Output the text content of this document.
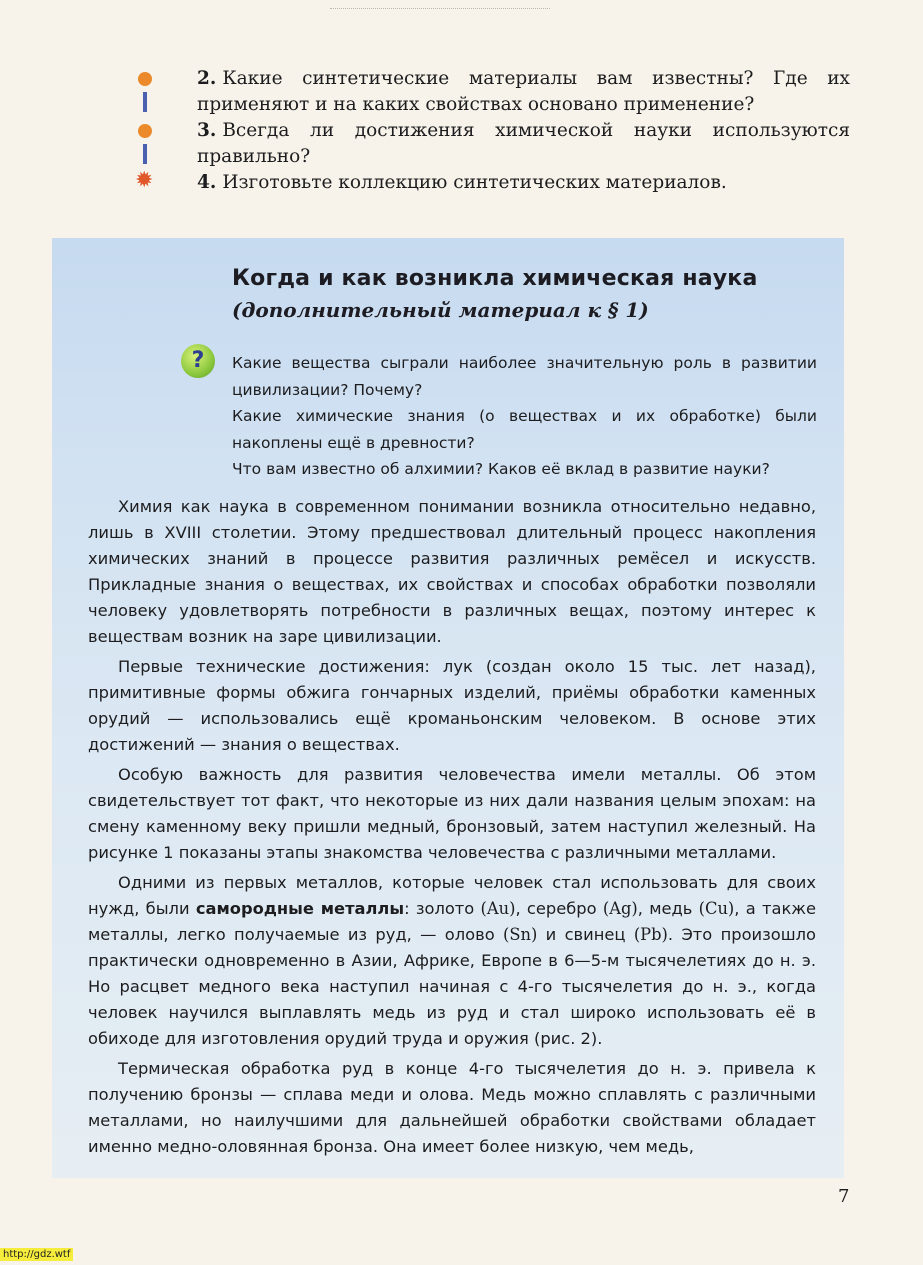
2. Какие синтетические материалы вам известны? Где их применяют и на каких свойствах основано применение?
3. Всегда ли достижения химической науки используются правильно?
✹ 4. Изготовьте коллекцию синтетических материалов.
Когда и как возникла химическая наука
(дополнительный материал к § 1)
?	Какие вещества сыграли наиболее значительную роль в развитии цивилизации? Почему?
Какие химические знания (о веществах и их обработке) были накоплены ещё в древности?
Что вам известно об алхимии? Каков её вклад в развитие науки?

Химия как наука в современном понимании возникла относительно недавно, лишь в XVIII столетии. Этому предшествовал длительный процесс накопления химических знаний в процессе развития различных ремёсел и искусств. Прикладные знания о веществах, их свойствах и способах обработки позволяли человеку удовлетворять потребности в различных вещах, поэтому интерес к веществам возник на заре цивилизации.

Первые технические достижения: лук (создан около 15 тыс. лет назад), примитивные формы обжига гончарных изделий, приёмы обработки каменных орудий — использовались ещё кроманьонским человеком. В основе этих достижений — знания о веществах.

Особую важность для развития человечества имели металлы. Об этом свидетельствует тот факт, что некоторые из них дали названия целым эпохам: на смену каменному веку пришли медный, бронзовый, затем наступил железный. На рисунке 1 показаны этапы знакомства человечества с различными металлами.

Одними из первых металлов, которые человек стал использовать для своих нужд, были самородные металлы: золото (Au), серебро (Ag), медь (Cu), а также металлы, легко получаемые из руд, — олово (Sn) и свинец (Pb). Это произошло практически одновременно в Азии, Африке, Европе в 6—5-м тысячелетиях до н. э. Но расцвет медного века наступил начиная с 4-го тысячелетия до н. э., когда человек научился выплавлять медь из руд и стал широко использовать её в обиходе для изготовления орудий труда и оружия (рис. 2).

Термическая обработка руд в конце 4-го тысячелетия до н. э. привела к получению бронзы — сплава меди и олова. Медь можно сплавлять с различными металлами, но наилучшими для дальнейшей обработки свойствами обладает именно медно-оловянная бронза. Она имеет более низкую, чем медь,

7
http://gdz.wtf
